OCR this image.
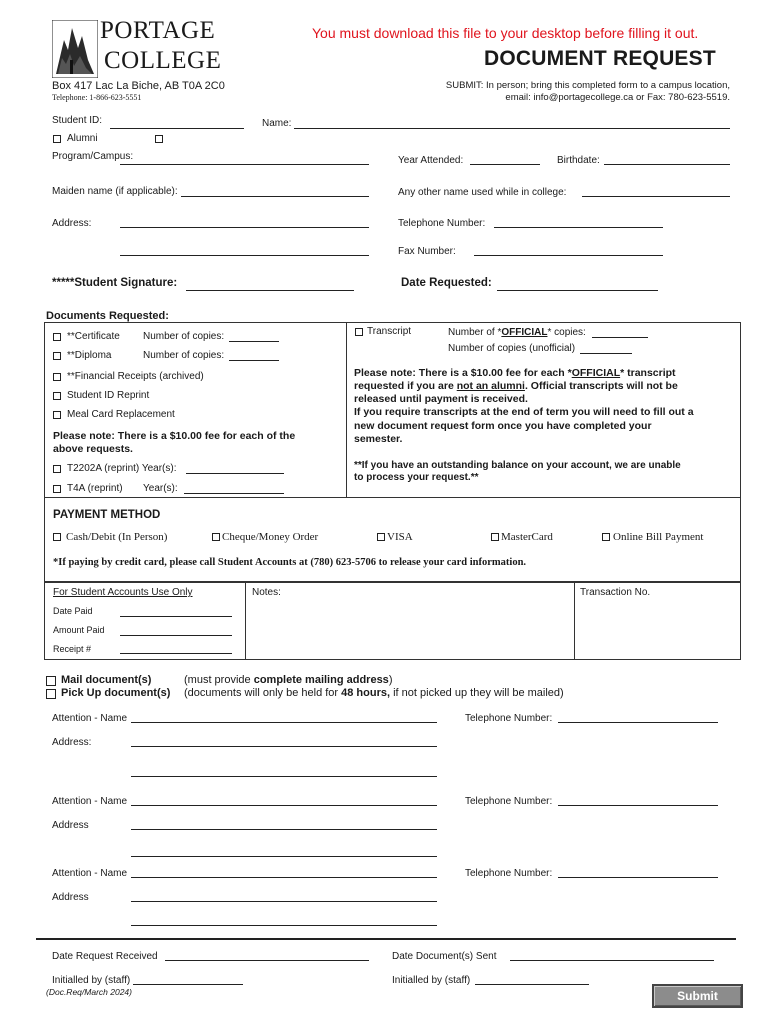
PORTAGE
COLLEGE
Box 417 Lac La Biche, AB T0A 2C0
Telephone: 1-866-623-5551
You must download this file to your desktop before filling it out.
DOCUMENT REQUEST
SUBMIT: In person; bring this completed form to a campus location,
email: info@portagecollege.ca or Fax: 780-623-5519.
Student ID:	Name:
Alumni
Program/Campus:	Year Attended:	Birthdate:
Maiden name (if applicable):	Any other name used while in college:
Address:	Telephone Number:
Fax Number:
*****Student Signature:	Date Requested:
Documents Requested:
**Certificate Number of copies:
**Diploma	Number of copies:
**Financial Receipts (archived)
Student ID Reprint
Meal Card Replacement
Please note: There is a $10.00 fee for each of the
above requests.
T2202A (reprint) Year(s):
T4A (reprint) Year(s):
Transcript	Number of *OFFICIAL* copies:
Number of copies (unofficial)
Please note: There is a $10.00 fee for each *OFFICIAL* transcript
requested if you are not an alumni. Official transcripts will not be
released until payment is received.
If you require transcripts at the end of term you will need to fill out a
new document request form once you have completed your
semester.
**If you have an outstanding balance on your account, we are unable
to process your request.**
PAYMENT METHOD
Cash/Debit (In Person)	Cheque/Money Order	VISA	MasterCard	Online Bill Payment
*If paying by credit card, please call Student Accounts at (780) 623-5706 to release your card information.
For Student Accounts Use Only
Date Paid
Amount Paid
Receipt #
Notes:	Transaction No.
Mail document(s)	(must provide complete mailing address)
Pick Up document(s) (documents will only be held for 48 hours, if not picked up they will be mailed)
Attention - Name	Telephone Number:
Address:
Attention - Name	Telephone Number:
Address
Attention - Name	Telephone Number:
Address
Date Request Received	Date Document(s) Sent
Initialled by (staff)	Initialled by (staff)
(Doc.Req/March 2024)	Submit
